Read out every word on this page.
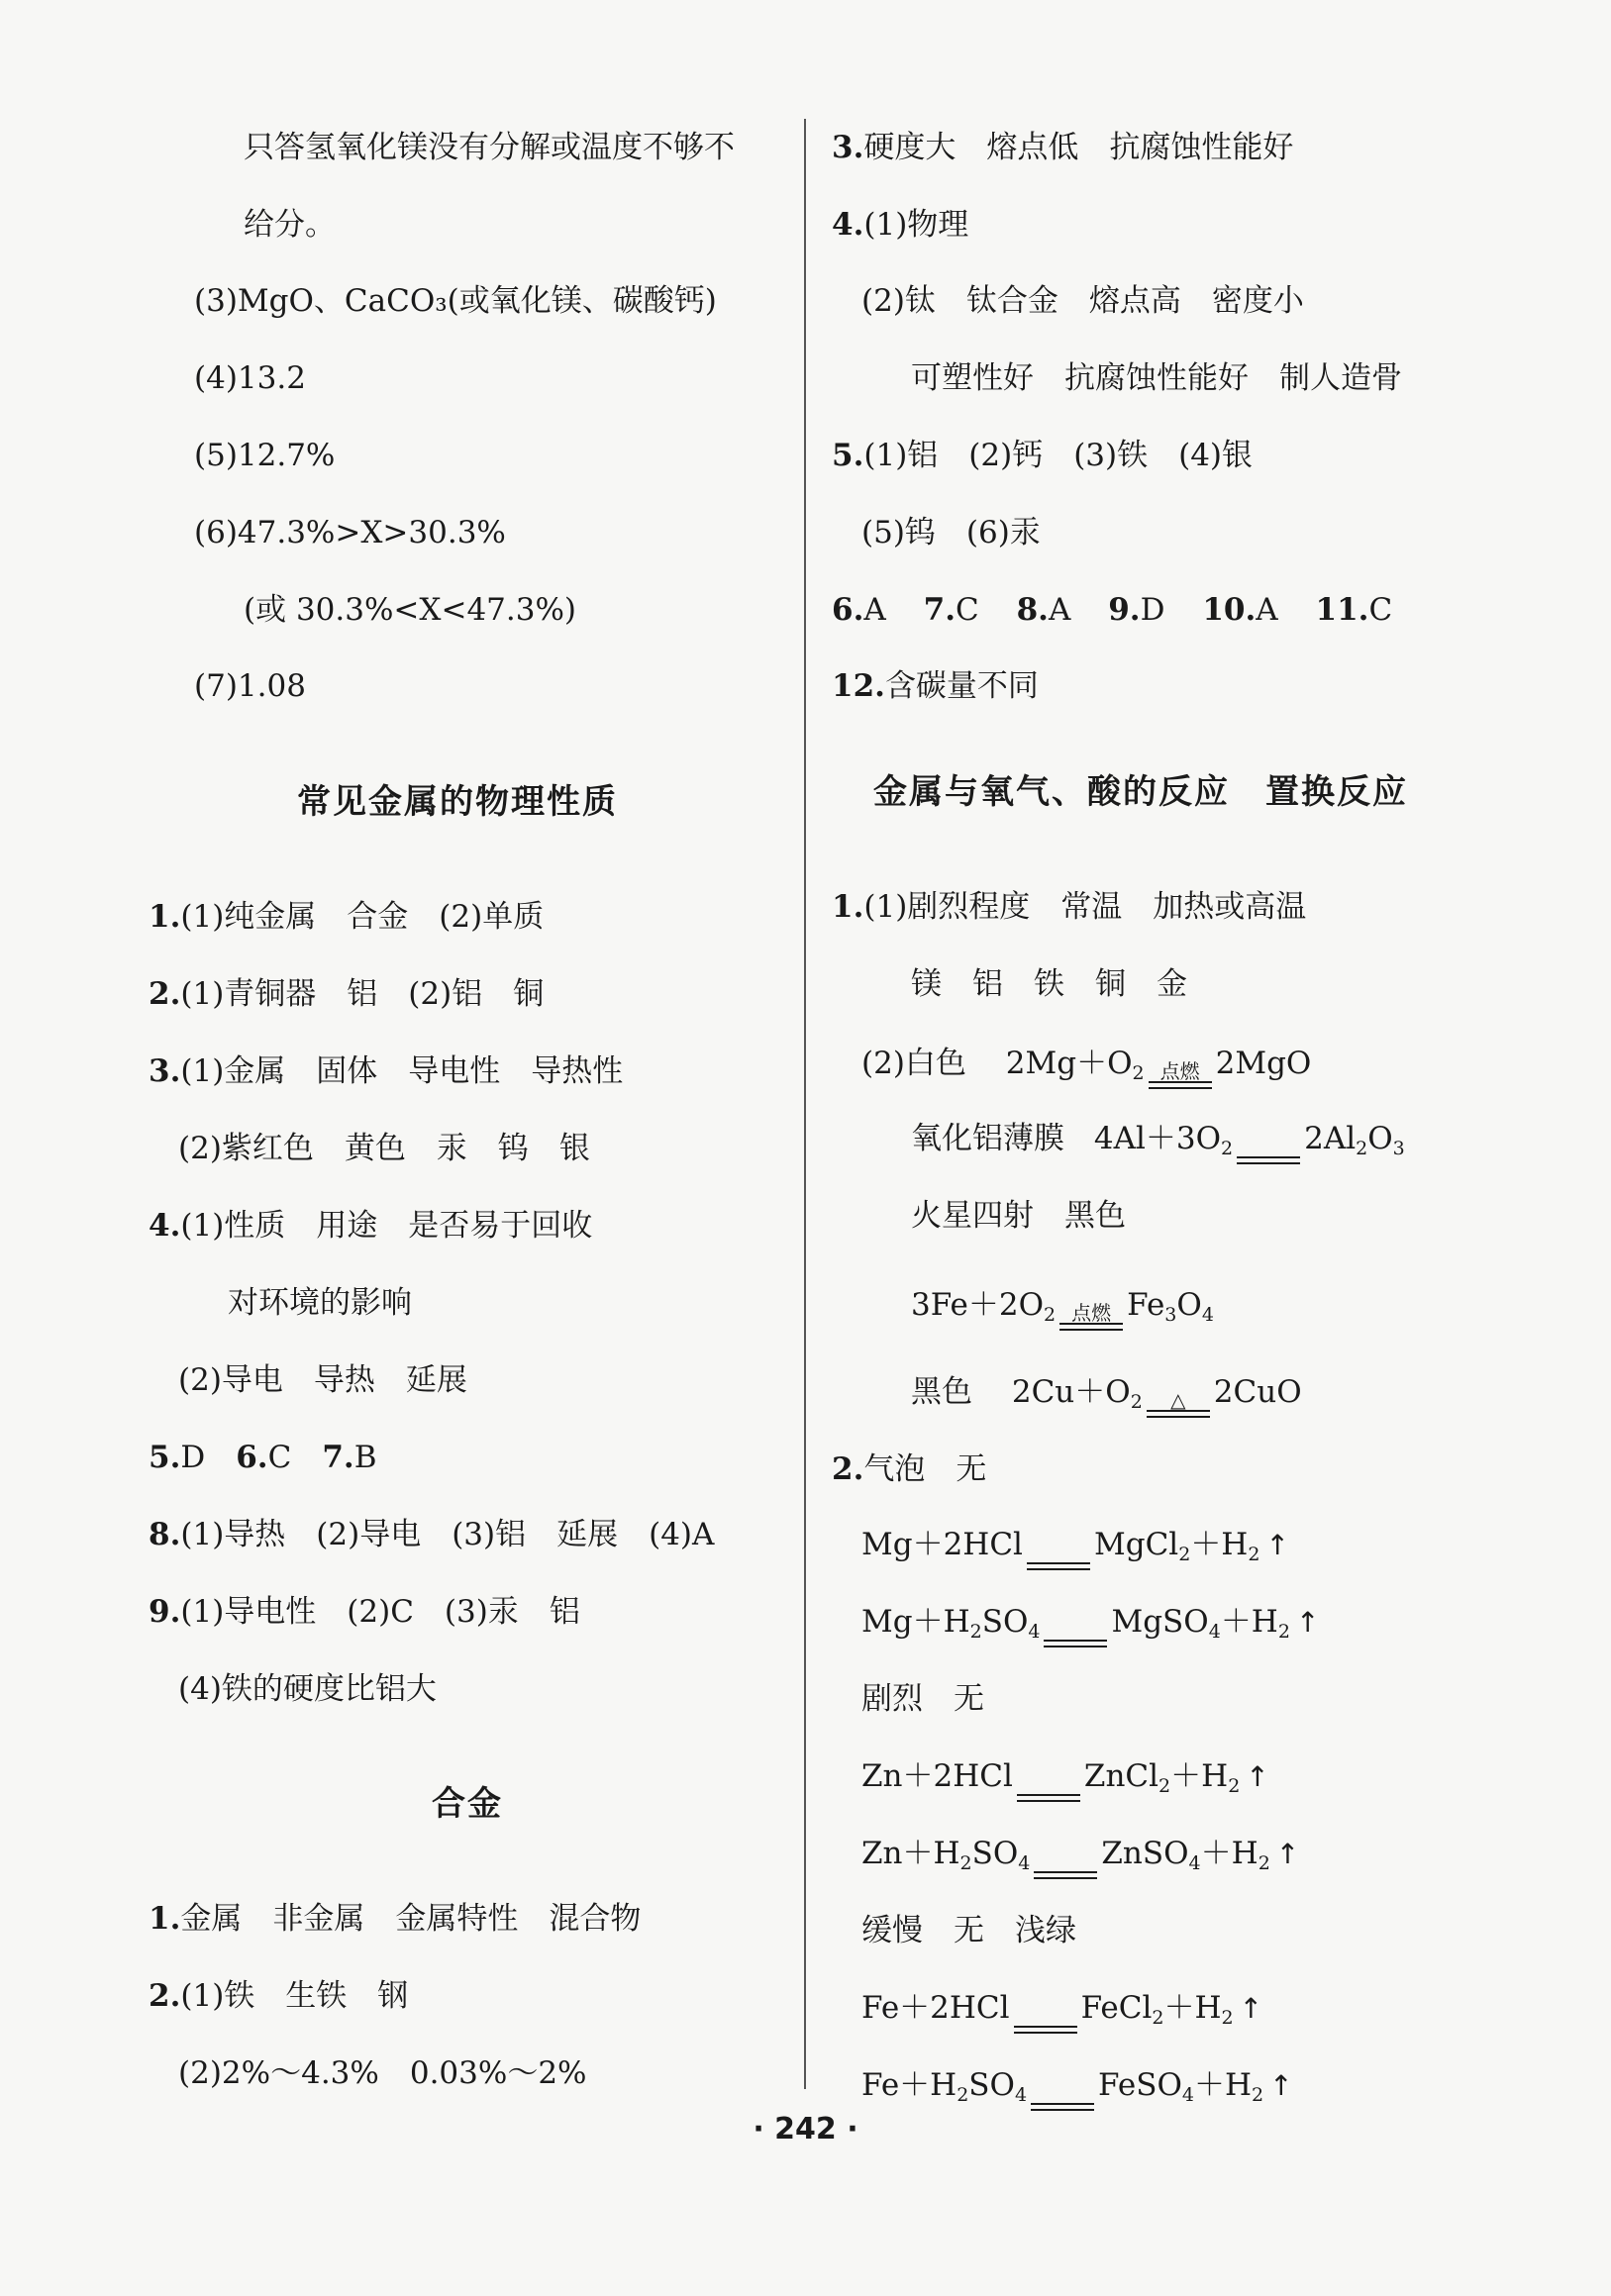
只答氢氧化镁没有分解或温度不够不
给分。
(3)MgO、CaCO₃(或氧化镁、碳酸钙)
(4)13.2
(5)12.7%
(6)47.3%>X>30.3%
(或 30.3%<X<47.3%)
(7)1.08
常见金属的物理性质
1.(1)纯金属　合金　(2)单质
2.(1)青铜器　铝　(2)铝　铜
3.(1)金属　固体　导电性　导热性
(2)紫红色　黄色　汞　钨　银
4.(1)性质　用途　是否易于回收
对环境的影响
(2)导电　导热　延展
5.D　6.C　7.B
8.(1)导热　(2)导电　(3)铝　延展　(4)A
9.(1)导电性　(2)C　(3)汞　铝
(4)铁的硬度比铝大
合金
1.金属　非金属　金属特性　混合物
2.(1)铁　生铁　钢
(2)2%～4.3%　0.03%～2%
3.硬度大　熔点低　抗腐蚀性能好
4.(1)物理
(2)钛　钛合金　熔点高　密度小
可塑性好　抗腐蚀性能好　制人造骨
5.(1)铝　(2)钙　(3)铁　(4)银
(5)钨　(6)汞
6.A 7.C 8.A 9.D 10.A 11.C
12.含碳量不同
金属与氧气、酸的反应　置换反应
1.(1)剧烈程度　常温　加热或高温
镁　铝　铁　铜　金
(2)白色 $2Mg+O_2$ 点燃 2MgO
氧化铝薄膜 $4Al+3O_2$ $2Al_2O_3$
火星四射　黑色
$3Fe+2O_2$ 点燃 $Fe_3O_4$
黑色 $2Cu+O_2$ △ 2CuO
2.气泡　无
Mg＋2HCl $MgCl_2+H_2$ ↑
$Mg+H_2SO_4$ $MgSO_4+H_2$ ↑
剧烈　无
Zn＋2HCl $ZnCl_2+H_2$ ↑
$Zn+H_2SO_4$ $ZnSO_4+H_2$ ↑
缓慢　无　浅绿
Fe＋2HCl $FeCl_2+H_2$ ↑
$Fe+H_2SO_4$ $FeSO_4+H_2$ ↑
· 242 ·
